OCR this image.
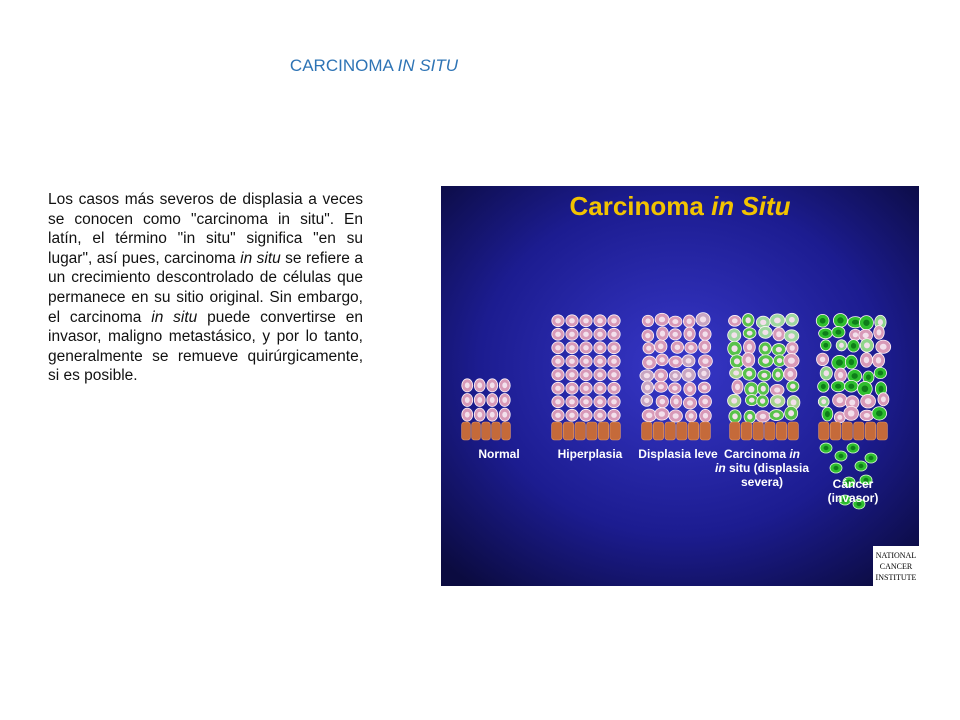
CARCINOMA IN SITU
Los casos más severos de displasia a veces se conocen como "carcinoma in situ". En latín, el término "in situ" significa "en su lugar", así pues, carcinoma in situ se refiere a un crecimiento descontrolado de células que permanece en su sitio original. Sin embargo, el carcinoma in situ puede convertirse en invasor, maligno metastásico, y por lo tanto, generalmente se remueve quirúrgicamente, si es posible.
Carcinoma in Situ
Normal	Hiperplasia Displasia leve Carcinoma in in situ (displasia severa)	Cáncer (invasor)
NATIONAL
CANCER
INSTITUTE
